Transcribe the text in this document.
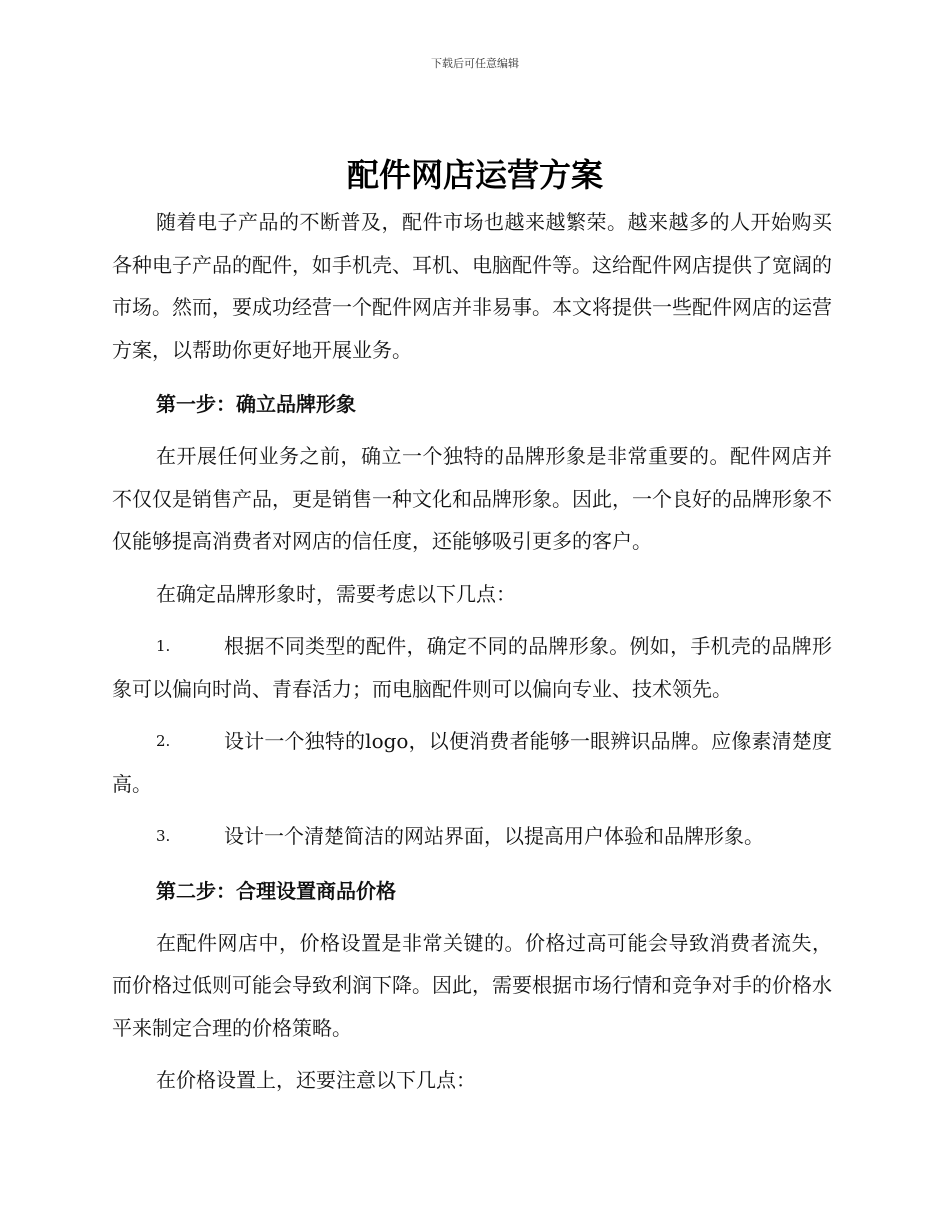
下载后可任意编辑
配件网店运营方案

随着电子产品的不断普及，配件市场也越来越繁荣。越来越多的人开始购买各种电子产品的配件，如手机壳、耳机、电脑配件等。这给配件网店提供了宽阔的市场。然而，要成功经营一个配件网店并非易事。本文将提供一些配件网店的运营方案，以帮助你更好地开展业务。

第一步：确立品牌形象

在开展任何业务之前，确立一个独特的品牌形象是非常重要的。配件网店并不仅仅是销售产品，更是销售一种文化和品牌形象。因此，一个良好的品牌形象不仅能够提高消费者对网店的信任度，还能够吸引更多的客户。

在确定品牌形象时，需要考虑以下几点：

1.	根据不同类型的配件，确定不同的品牌形象。例如，手机壳的品牌形象可以偏向时尚、青春活力；而电脑配件则可以偏向专业、技术领先。

2.	设计一个独特的logo，以便消费者能够一眼辨识品牌。应像素清楚度高。

3.	设计一个清楚简洁的网站界面，以提高用户体验和品牌形象。

第二步：合理设置商品价格

在配件网店中，价格设置是非常关键的。价格过高可能会导致消费者流失，而价格过低则可能会导致利润下降。因此，需要根据市场行情和竞争对手的价格水平来制定合理的价格策略。

在价格设置上，还要注意以下几点：
